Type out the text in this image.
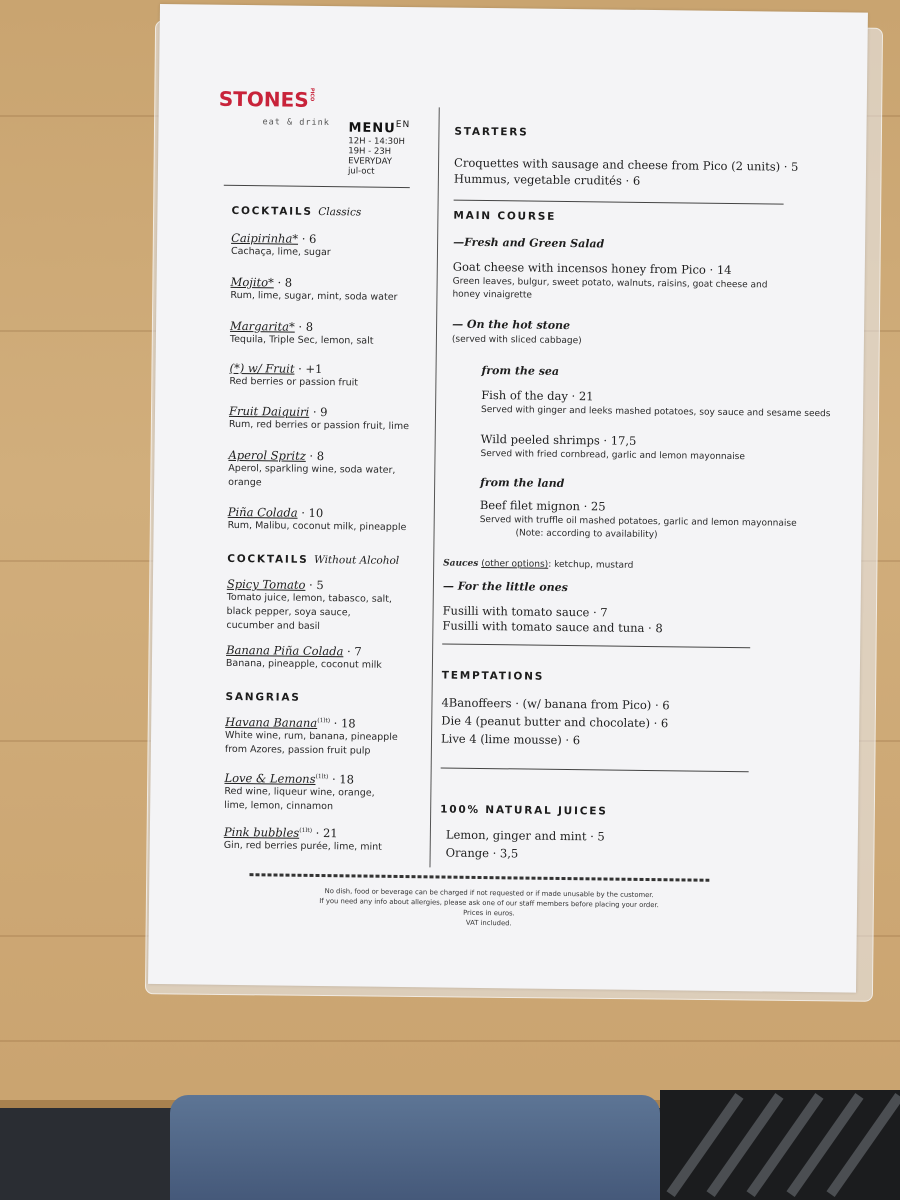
STONESPICO
eat & drink $MENU^{EN}$
12H - 14:30H
19H - 23H
EVERYDAY
jul-oct
COCKTAILS Classics
Caipirinha* · 6
Cachaça, lime, sugar
Mojito* · 8
Rum, lime, sugar, mint, soda water
Margarita* · 8
Tequila, Triple Sec, lemon, salt
(*) w/ Fruit · +1
Red berries or passion fruit
Fruit Daiquiri · 9
Rum, red berries or passion fruit, lime
Aperol Spritz · 8
Aperol, sparkling wine, soda water, orange
Piña Colada · 10
Rum, Malibu, coconut milk, pineapple
COCKTAILS Without Alcohol
Spicy Tomato · 5
Tomato juice, lemon, tabasco, salt, black pepper, soya sauce, cucumber and basil
Banana Piña Colada · 7
Banana, pineapple, coconut milk
SANGRIAS
Havana Banana$^{(1lt)}$ · 18
White wine, rum, banana, pineapple from Azores, passion fruit pulp
Love & Lemons$^{(1lt)}$ · 18
Red wine, liqueur wine, orange, lime, lemon, cinnamon
Pink bubbles$^{(1lt)}$ · 21
Gin, red berries purée, lime, mint
STARTERS
Croquettes with sausage and cheese from Pico (2 units) · 5
Hummus, vegetable crudités · 6
MAIN COURSE
—Fresh and Green Salad
Goat cheese with incensos honey from Pico · 14
Green leaves, bulgur, sweet potato, walnuts, raisins, goat cheese and honey vinaigrette
— On the hot stone
(served with sliced cabbage)
from the sea
Fish of the day · 21
Served with ginger and leeks mashed potatoes, soy sauce and sesame seeds
Wild peeled shrimps · 17,5
Served with fried cornbread, garlic and lemon mayonnaise
from the land
Beef filet mignon · 25
Served with truffle oil mashed potatoes, garlic and lemon mayonnaise
(Note: according to availability)
Sauces (other options): ketchup, mustard
— For the little ones
Fusilli with tomato sauce · 7
Fusilli with tomato sauce and tuna · 8
TEMPTATIONS
4Banoffeers · (w/ banana from Pico) · 6
Die 4 (peanut butter and chocolate) · 6
Live 4 (lime mousse) · 6
100% NATURAL JUICES
Lemon, ginger and mint · 5
Orange · 3,5
No dish, food or beverage can be charged if not requested or if made unusable by the customer.
If you need any info about allergies, please ask one of our staff members before placing your order.
Prices in euros.
VAT included.
